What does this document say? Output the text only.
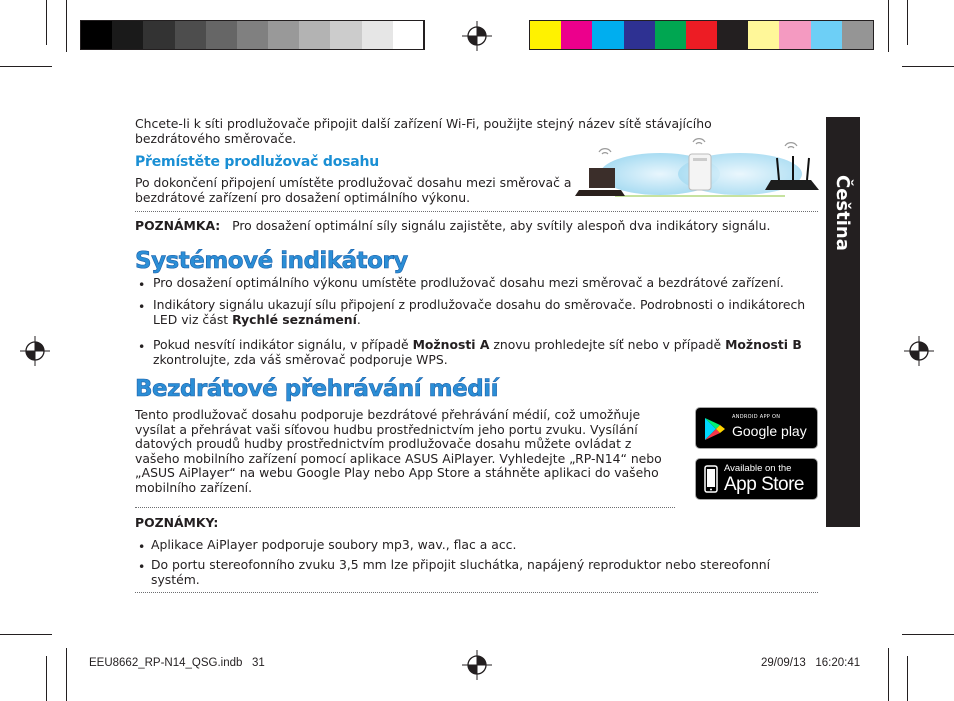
Chcete-li k síti prodlužovače připojit další zařízení Wi-Fi, použijte stejný název sítě stávajícího bezdrátového směrovače.
Přemístěte prodlužovač dosahu
Po dokončení připojení umístěte prodlužovač dosahu mezi směrovač a bezdrátové zařízení pro dosažení optimálního výkonu.
POZNÁMKA: Pro dosažení optimální síly signálu zajistěte, aby svítily alespoň dva indikátory signálu.
Systémové indikátory
• Pro dosažení optimálního výkonu umístěte prodlužovač dosahu mezi směrovač a bezdrátové zařízení.
• Indikátory signálu ukazují sílu připojení z prodlužovače dosahu do směrovače. Podrobnosti o indikátorech LED viz část Rychlé seznámení.
• Pokud nesvítí indikátor signálu, v případě Možnosti A znovu prohledejte síť nebo v případě Možnosti B zkontrolujte, zda váš směrovač podporuje WPS.
Bezdrátové přehrávání médií
Tento prodlužovač dosahu podporuje bezdrátové přehrávání médií, což umožňuje vysílat a přehrávat vaši síťovou hudbu prostřednictvím jeho portu zvuku. Vysílání datových proudů hudby prostřednictvím prodlužovače dosahu můžete ovládat z vašeho mobilního zařízení pomocí aplikace ASUS AiPlayer. Vyhledejte „RP-N14“ nebo „ASUS AiPlayer“ na webu Google Play nebo App Store a stáhněte aplikaci do vašeho mobilního zařízení.
ANDROID APP ON
Google play
Available on the
App Store
POZNÁMKY:
• Aplikace AiPlayer podporuje soubory mp3, wav., flac a acc.
• Do portu stereofonního zvuku 3,5 mm lze připojit sluchátka, napájený reproduktor nebo stereofonní systém.
Čeština
EEU8662_RP-N14_QSG.indb   31	29/09/13   16:20:41
